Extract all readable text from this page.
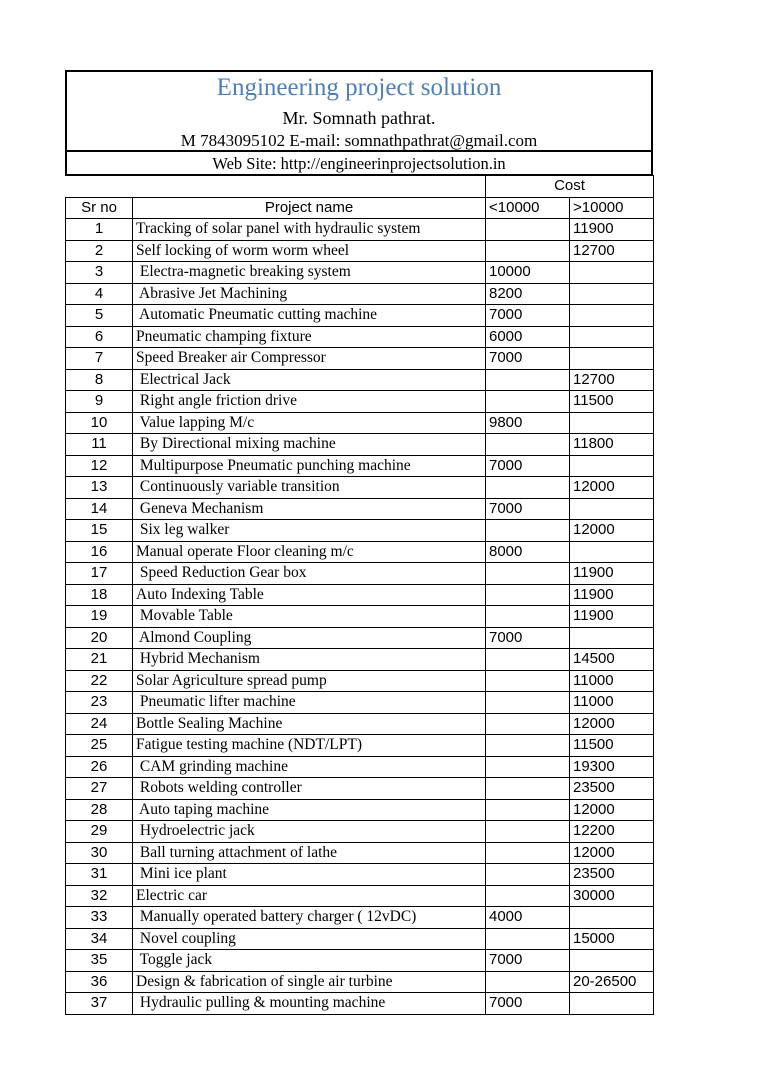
Engineering project solution
Mr. Somnath pathrat.
M 7843095102 E-mail: somnathpathrat@gmail.com
Web Site: http://engineerinprojectsolution.in
		Cost	
Sr no	Project name	<10000	>10000
1	Tracking of solar panel with hydraulic system		11900
2	Self locking of worm worm wheel		12700
3	Electra-magnetic breaking system	10000	
4	Abrasive Jet Machining	8200	
5	Automatic Pneumatic cutting machine	7000	
6	Pneumatic champing fixture	6000	
7	Speed Breaker air Compressor	7000	
8	Electrical Jack		12700
9	Right angle friction drive		11500
10	Value lapping M/c	9800	
11	By Directional mixing machine		11800
12	Multipurpose Pneumatic punching machine	7000	
13	Continuously variable transition		12000
14	Geneva Mechanism	7000	
15	Six leg walker		12000
16	Manual operate Floor cleaning m/c	8000	
17	Speed Reduction Gear box		11900
18	Auto Indexing Table		11900
19	Movable Table		11900
20	Almond Coupling	7000	
21	Hybrid Mechanism		14500
22	Solar Agriculture spread pump		11000
23	Pneumatic lifter machine		11000
24	Bottle Sealing Machine		12000
25	Fatigue testing machine (NDT/LPT)		11500
26	CAM grinding machine		19300
27	Robots welding controller		23500
28	Auto taping machine		12000
29	Hydroelectric jack		12200
30	Ball turning attachment of lathe		12000
31	Mini ice plant		23500
32	Electric car		30000
33	Manually operated battery charger ( 12vDC)	4000	
34	Novel coupling		15000
35	Toggle jack	7000	
36	Design & fabrication of single air turbine		20-26500
37	Hydraulic pulling & mounting machine	7000	
